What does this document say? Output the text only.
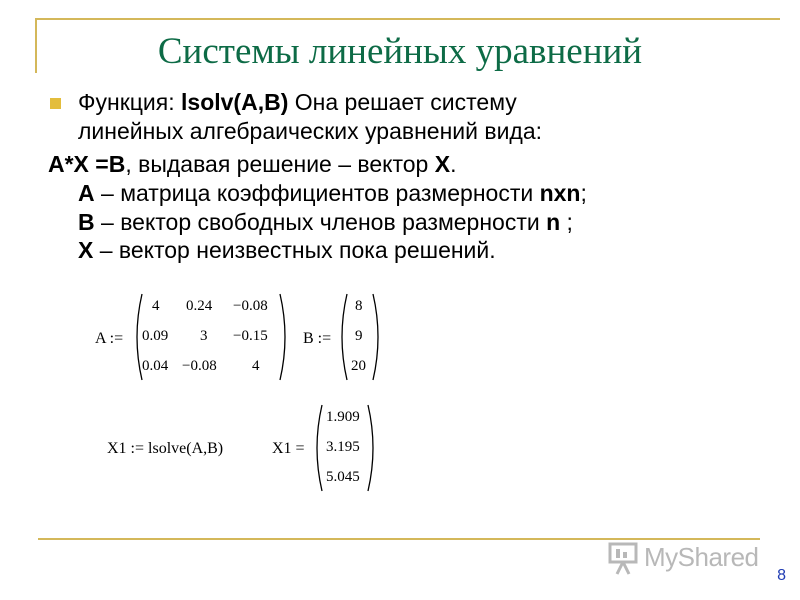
Системы линейных уравнений
Функция: lsolv(A,B) Она решает систему
линейных алгебраических уравнений вида:
A*X =B, выдавая решение – вектор X.
A – матрица коэффициентов размерности nxn;
B – вектор свободных членов размерности n ;
X – вектор неизвестных пока решений.
A :=
4 0.24 −0.08
0.09 3 −0.15
0.04 −0.08 4
B :=
8
9
20
X1 := lsolve(A,B)	X1 =
1.909
3.195
5.045
MyShared
8
